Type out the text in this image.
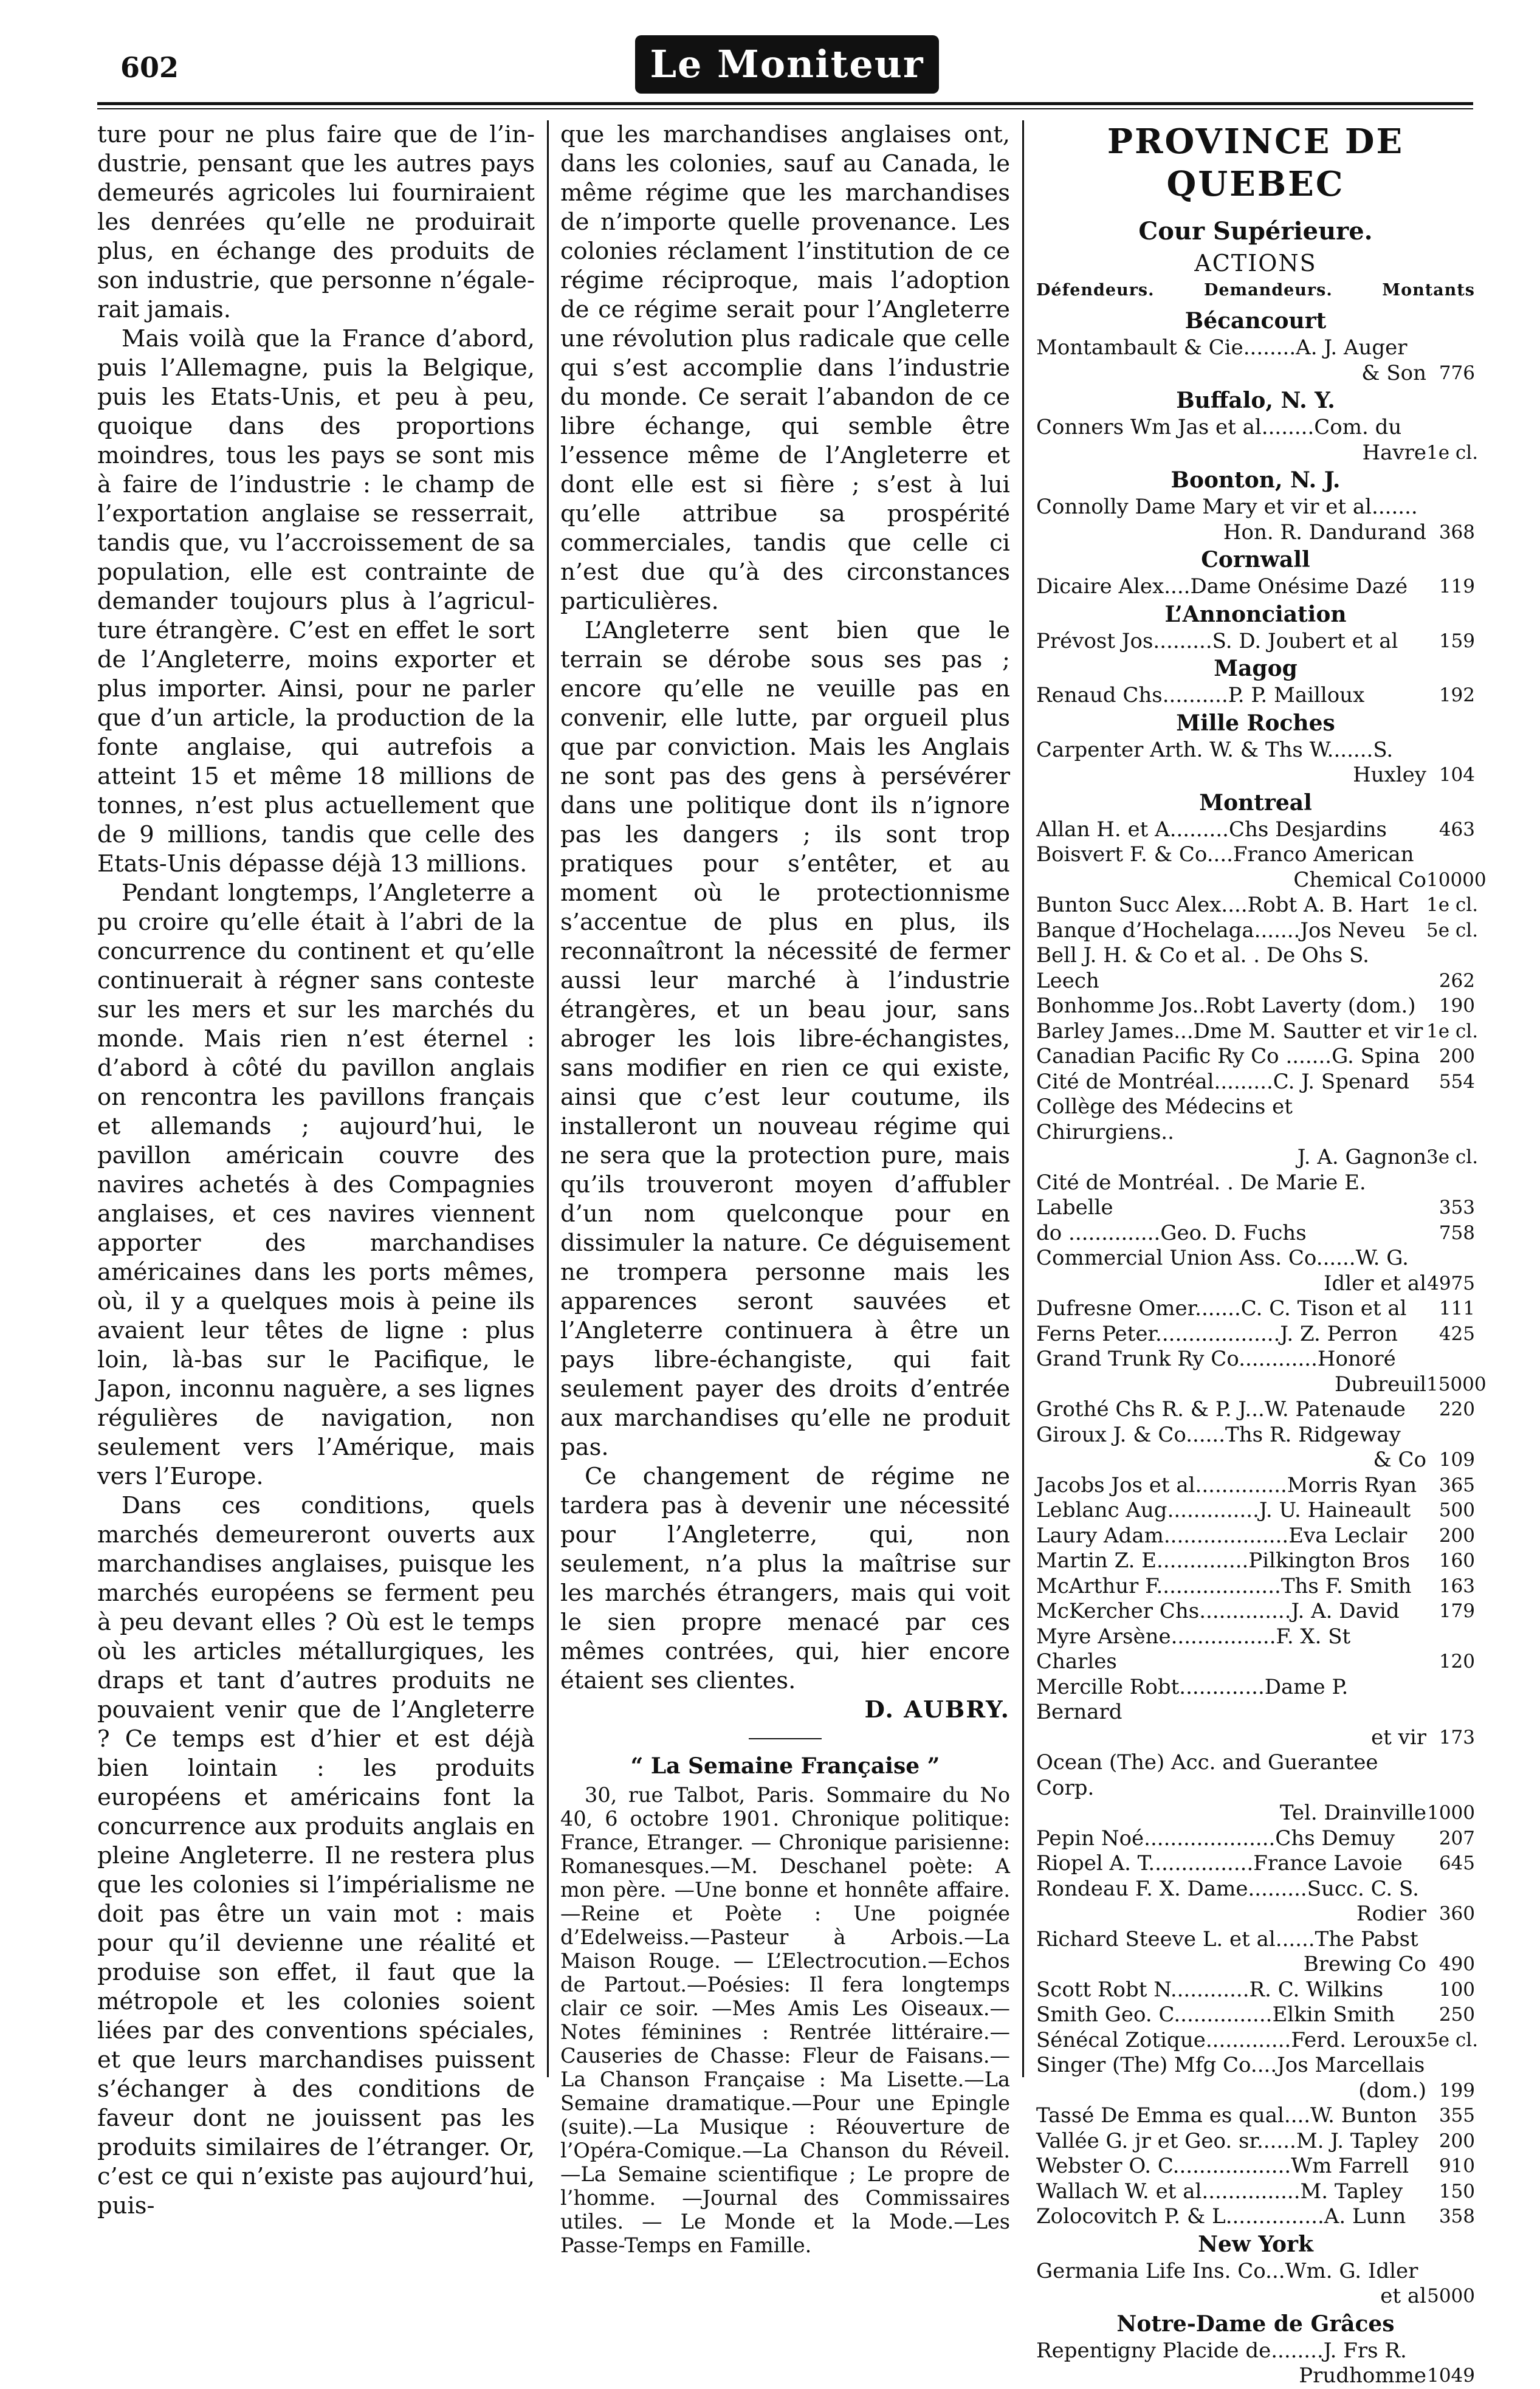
602	Le Moniteur

ture pour ne plus faire que de l’in-dustrie, pensant que les autres pays demeurés agricoles lui fourniraient les denrées qu’elle ne produirait plus, en échange des produits de son industrie, que personne n’égale-rait jamais.

Mais voilà que la France d’abord, puis l’Allemagne, puis la Belgique, puis les Etats-Unis, et peu à peu, quoique dans des proportions moindres, tous les pays se sont mis à faire de l’industrie : le champ de l’exportation anglaise se resserrait, tandis que, vu l’accroissement de sa population, elle est contrainte de demander toujours plus à l’agricul-ture étrangère. C’est en effet le sort de l’Angleterre, moins exporter et plus importer. Ainsi, pour ne parler que d’un article, la production de la fonte anglaise, qui autrefois a atteint 15 et même 18 millions de tonnes, n’est plus actuellement que de 9 millions, tandis que celle des Etats-Unis dépasse déjà 13 millions.

Pendant longtemps, l’Angleterre a pu croire qu’elle était à l’abri de la concurrence du continent et qu’elle continuerait à régner sans conteste sur les mers et sur les marchés du monde. Mais rien n’est éternel : d’abord à côté du pavillon anglais on rencontra les pavillons français et allemands ; aujourd’hui, le pavillon américain couvre des navires achetés à des Compagnies anglaises, et ces navires viennent apporter des marchandises américaines dans les ports mêmes, où, il y a quelques mois à peine ils avaient leur têtes de ligne : plus loin, là-bas sur le Pacifique, le Japon, inconnu naguère, a ses lignes régulières de navigation, non seulement vers l’Amérique, mais vers l’Europe.

Dans ces conditions, quels marchés demeureront ouverts aux marchandises anglaises, puisque les marchés européens se ferment peu à peu devant elles ? Où est le temps où les articles métallurgiques, les draps et tant d’autres produits ne pouvaient venir que de l’Angleterre ? Ce temps est d’hier et est déjà bien lointain : les produits européens et américains font la concurrence aux produits anglais en pleine Angleterre. Il ne restera plus que les colonies si l’impérialisme ne doit pas être un vain mot : mais pour qu’il devienne une réalité et produise son effet, il faut que la métropole et les colonies soient liées par des conventions spéciales, et que leurs marchandises puissent s’échanger à des conditions de faveur dont ne jouissent pas les produits similaires de l’étranger. Or, c’est ce qui n’existe pas aujourd’hui, puis-

que les marchandises anglaises ont, dans les colonies, sauf au Canada, le même régime que les marchandises de n’importe quelle provenance. Les colonies réclament l’institution de ce régime réciproque, mais l’adoption de ce régime serait pour l’Angleterre une révolution plus radicale que celle qui s’est accomplie dans l’industrie du monde. Ce serait l’abandon de ce libre échange, qui semble être l’essence même de l’Angleterre et dont elle est si fière ; s’est à lui qu’elle attribue sa prospérité commerciales, tandis que celle ci n’est due qu’à des circonstances particulières.

L’Angleterre sent bien que le terrain se dérobe sous ses pas ; encore qu’elle ne veuille pas en convenir, elle lutte, par orgueil plus que par conviction. Mais les Anglais ne sont pas des gens à persévérer dans une politique dont ils n’ignore pas les dangers ; ils sont trop pratiques pour s’entêter, et au moment où le protectionnisme s’accentue de plus en plus, ils reconnaîtront la nécessité de fermer aussi leur marché à l’industrie étrangères, et un beau jour, sans abroger les lois libre-échangistes, sans modifier en rien ce qui existe, ainsi que c’est leur coutume, ils installeront un nouveau régime qui ne sera que la protection pure, mais qu’ils trouveront moyen d’affubler d’un nom quelconque pour en dissimuler la nature. Ce déguisement ne trompera personne mais les apparences seront sauvées et l’Angleterre continuera à être un pays libre-échangiste, qui fait seulement payer des droits d’entrée aux marchandises qu’elle ne produit pas.

Ce changement de régime ne tardera pas à devenir une nécessité pour l’Angleterre, qui, non seulement, n’a plus la maîtrise sur les marchés étrangers, mais qui voit le sien propre menacé par ces mêmes contrées, qui, hier encore étaient ses clientes.

D. AUBRY.
“ La Semaine Française ”

30, rue Talbot, Paris. Sommaire du No 40, 6 octobre 1901. Chronique politique: France, Etranger. — Chronique parisienne: Romanesques.—M. Deschanel poète: A mon père. —Une bonne et honnête affaire.—Reine et Poète : Une poignée d’Edelweiss.—Pasteur à Arbois.—La Maison Rouge. — L’Electrocution.—Echos de Partout.—Poésies: Il fera longtemps clair ce soir. —Mes Amis Les Oiseaux.—Notes féminines : Rentrée littéraire.—Causeries de Chasse: Fleur de Faisans.—La Chanson Française : Ma Lisette.—La Semaine dramatique.—Pour une Epingle (suite).—La Musique : Réouverture de l’Opéra-Comique.—La Chanson du Réveil.—La Semaine scientifique ; Le propre de l’homme. —Journal des Commissaires utiles. — Le Monde et la Mode.—Les Passe-Temps en Famille.

PROVINCE DE QUEBEC
Cour Supérieure.
ACTIONS
Défendeurs.	Demandeurs.	Montants
Bécancourt
Montambault & Cie........A. J. Auger
& Son 776
Buffalo, N. Y.
Conners Wm Jas et al........Com. du
Havre 1e cl.
Boonton, N. J.
Connolly Dame Mary et vir et al.......
Hon. R. Dandurand 368
Cornwall
Dicaire Alex....Dame Onésime Dazé	119
L’Annonciation
Prévost Jos.........S. D. Joubert et al	159
Magog
Renaud Chs..........P. P. Mailloux	192
Mille Roches
Carpenter Arth. W. & Ths W.......S.
Huxley 104
Montreal
Allan H. et A.........Chs Desjardins	463
Boisvert F. & Co....Franco American
Chemical Co 10000
Bunton Succ Alex....Robt A. B. Hart 1e cl.
Banque d’Hochelaga.......Jos Neveu	5e cl.
Bell J. H. & Co et al. . De Ohs S. Leech	262
Bonhomme Jos..Robt Laverty (dom.)	190
Barley James...Dme M. Sautter et vir 1e cl.
Canadian Pacific Ry Co .......G. Spina	200
Cité de Montréal.........C. J. Spenard	554
Collège des Médecins et Chirurgiens..
J. A. Gagnon 3e cl.
Cité de Montréal. . De Marie E. Labelle	353
do ..............Geo. D. Fuchs	758
Commercial Union Ass. Co......W. G.
Idler et al 4975
Dufresne Omer.......C. C. Tison et al	111
Ferns Peter...................J. Z. Perron	425
Grand Trunk Ry Co............Honoré
Dubreuil 15000
Grothé Chs R. & P. J...W. Patenaude	220
Giroux J. & Co......Ths R. Ridgeway
& Co 109
Jacobs Jos et al..............Morris Ryan	365
Leblanc Aug..............J. U. Haineault	500
Laury Adam...................Eva Leclair	200
Martin Z. E..............Pilkington Bros	160
McArthur F...................Ths F. Smith	163
McKercher Chs..............J. A. David	179
Myre Arsène................F. X. St Charles	120
Mercille Robt.............Dame P. Bernard
et vir 173
Ocean (The) Acc. and Guerantee Corp.
Tel. Drainville 1000
Pepin Noé....................Chs Demuy	207
Riopel A. T................France Lavoie	645
Rondeau F. X. Dame.........Succ. C. S.
Rodier 360
Richard Steeve L. et al......The Pabst
Brewing Co 490
Scott Robt N............R. C. Wilkins	100
Smith Geo. C...............Elkin Smith	250
Sénécal Zotique.............Ferd. Leroux 5e cl.
Singer (The) Mfg Co....Jos Marcellais
(dom.) 199
Tassé De Emma es qual....W. Bunton	355
Vallée G. jr et Geo. sr......M. J. Tapley	200
Webster O. C..................Wm Farrell	910
Wallach W. et al...............M. Tapley	150
Zolocovitch P. & L...............A. Lunn	358
New York
Germania Life Ins. Co...Wm. G. Idler
et al 5000
Notre-Dame de Grâces
Repentigny Placide de........J. Frs R.
Prudhomme 1049
